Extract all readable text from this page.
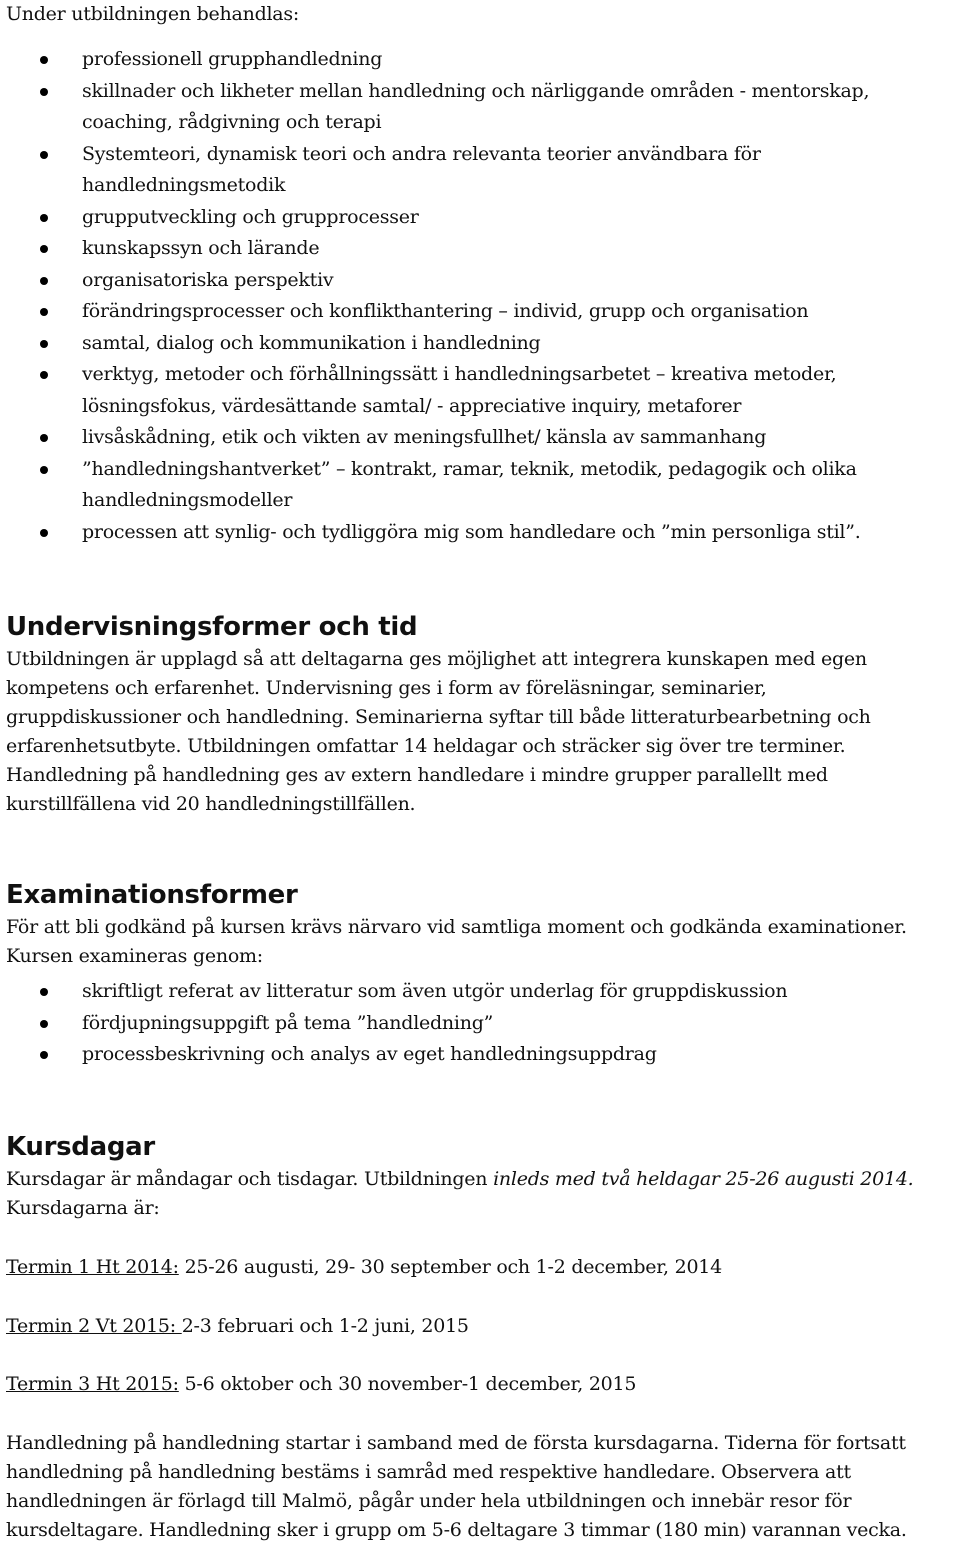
Under utbildningen behandlas:
professionell grupphandledning
skillnader och likheter mellan handledning och närliggande områden - mentorskap,
coaching, rådgivning och terapi
Systemteori, dynamisk teori och andra relevanta teorier användbara för
handledningsmetodik
grupputveckling och grupprocesser
kunskapssyn och lärande
organisatoriska perspektiv
förändringsprocesser och konflikthantering – individ, grupp och organisation
samtal, dialog och kommunikation i handledning
verktyg, metoder och förhållningssätt i handledningsarbetet – kreativa metoder,
lösningsfokus, värdesättande samtal/ - appreciative inquiry, metaforer
livsåskådning, etik och vikten av meningsfullhet/ känsla av sammanhang
”handledningshantverket” – kontrakt, ramar, teknik, metodik, pedagogik och olika
handledningsmodeller
processen att synlig- och tydliggöra mig som handledare och ”min personliga stil”.
Undervisningsformer och tid
Utbildningen är upplagd så att deltagarna ges möjlighet att integrera kunskapen med egen
kompetens och erfarenhet. Undervisning ges i form av föreläsningar, seminarier,
gruppdiskussioner och handledning. Seminarierna syftar till både litteraturbearbetning och
erfarenhetsutbyte. Utbildningen omfattar 14 heldagar och sträcker sig över tre terminer.
Handledning på handledning ges av extern handledare i mindre grupper parallellt med
kurstillfällena vid 20 handledningstillfällen.
Examinationsformer
För att bli godkänd på kursen krävs närvaro vid samtliga moment och godkända examinationer.
Kursen examineras genom:
skriftligt referat av litteratur som även utgör underlag för gruppdiskussion
fördjupningsuppgift på tema ”handledning”
processbeskrivning och analys av eget handledningsuppdrag
Kursdagar
Kursdagar är måndagar och tisdagar. Utbildningen inleds med två heldagar 25-26 augusti 2014.
Kursdagarna är:

Termin 1 Ht 2014: 25-26 augusti, 29- 30 september och 1-2 december, 2014

Termin 2 Vt 2015: 2-3 februari och 1-2 juni, 2015

Termin 3 Ht 2015: 5-6 oktober och 30 november-1 december, 2015

Handledning på handledning startar i samband med de första kursdagarna. Tiderna för fortsatt
handledning på handledning bestäms i samråd med respektive handledare. Observera att
handledningen är förlagd till Malmö, pågår under hela utbildningen och innebär resor för
kursdeltagare. Handledning sker i grupp om 5-6 deltagare 3 timmar (180 min) varannan vecka.
